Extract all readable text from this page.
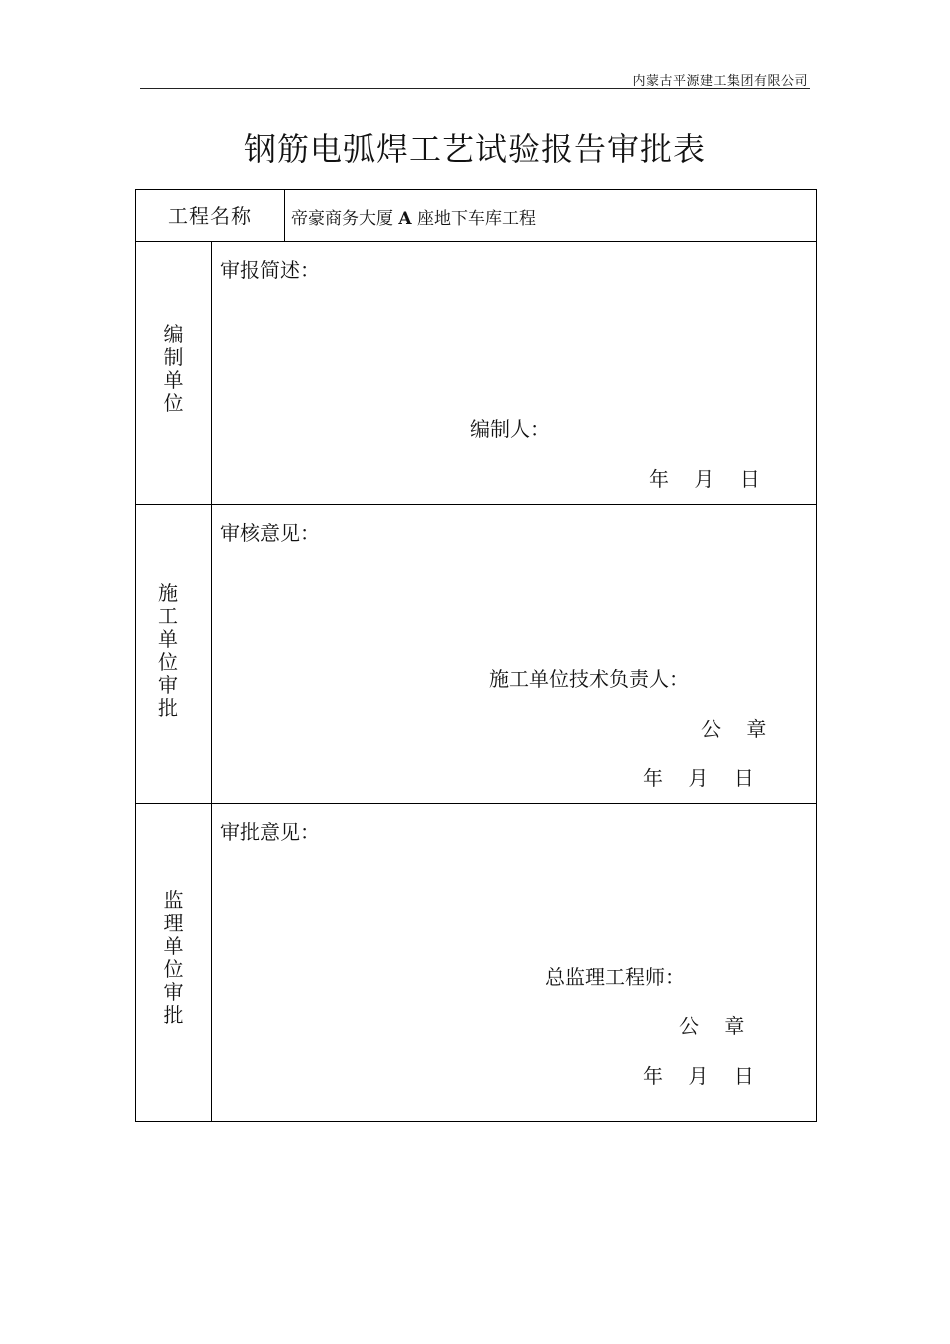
内蒙古平源建工集团有限公司
钢筋电弧焊工艺试验报告审批表
工程名称	帝豪商务大厦 A 座地下车库工程
编
制
单
位
审报简述：
编制人：
年    月    日
施
工
单
位
审
批
审核意见：
施工单位技术负责人：
公    章
年    月    日
监
理
单
位
审
批
审批意见：
总监理工程师：
公    章
年    月    日
